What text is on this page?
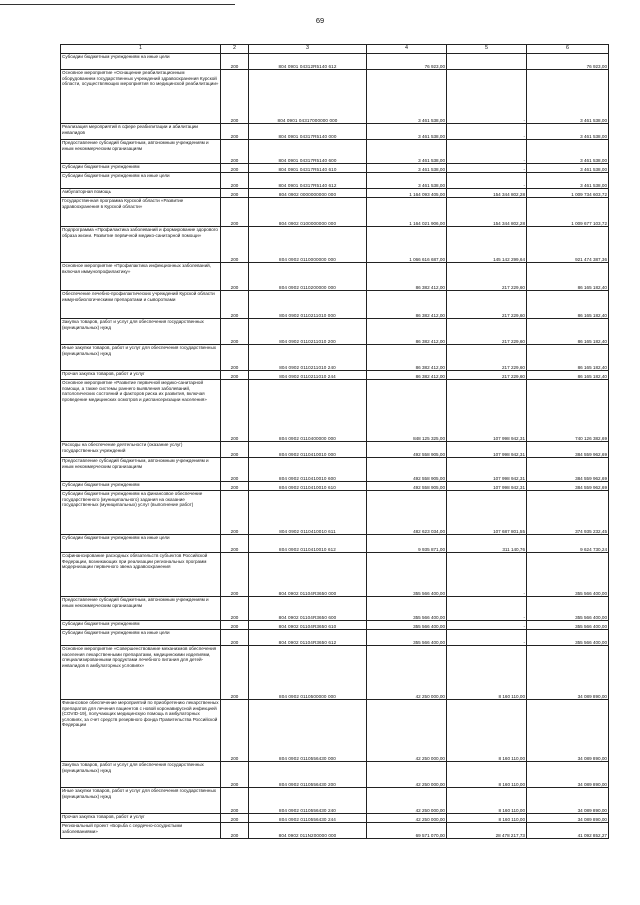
69
1	2	3	4	5	6

Субсидии бюджетным учреждениям на иные цели	200	804 0901 04312R5140 612	76 923,00		76 923,00

Основное мероприятие «Оснащение реабилитационным оборудованием государственных учреждений здравоохранения Курской области, осуществляющих мероприятия по медицинской реабилитации»	200	804 0901 04317000000 000	3 461 538,00	-	3 461 538,00

Реализация мероприятий в сфере реабилитации и абилитации инвалидов	200	804 0901 04317R5140 000	3 461 538,00	-	3 461 538,00

Предоставление субсидий бюджетным, автономным учреждениям и иным некоммерческим организациям	200	804 0901 04317R5140 600	3 461 538,00	-	3 461 538,00

Субсидии бюджетным учреждениям	200	804 0901 04317R5140 610	3 461 538,00	-	3 461 538,00

Субсидии бюджетным учреждениям на иные цели	200	804 0901 04317R5140 612	3 461 538,00	-	3 461 538,00

Амбулаторная помощь	200	804 0902 0000000000 000	1 164 093 405,00	154 344 802,28	1 009 734 603,72

Государственная программа Курской области «Развитие здравоохранения в Курской области»	200	804 0902 0100000000 000	1 164 021 906,00	154 344 802,28	1 009 677 103,72

Подпрограмма «Профилактика заболеваний и формирование здорового образа жизни. Развитие первичной медико-санитарной помощи»	200	804 0902 0110000000 000	1 066 616 687,00	145 142 299,64	921 474 387,36

Основное мероприятие «Профилактика инфекционных заболеваний, включая иммунопрофилактику»	200	804 0902 0110200000 000	86 382 412,00	217 229,60	86 165 182,40

Обеспечение лечебно-профилактических учреждений Курской области иммунобиологическими препаратами и сыворотками	200	804 0902 0110211010 000	86 382 412,00	217 229,60	86 165 182,40

Закупка товаров, работ и услуг для обеспечения государственных (муниципальных) нужд	200	804 0902 0110211010 200	86 382 412,00	217 229,60	86 165 182,40

Иные закупки товаров, работ и услуг для обеспечения государственных (муниципальных) нужд	200	804 0902 0110211010 240	86 382 412,00	217 229,60	86 165 182,40

Прочая закупка товаров, работ и услуг	200	804 0902 0110211010 244	86 382 412,00	217 229,60	86 165 182,40

Основное мероприятие «Развитие первичной медико-санитарной помощи, а также системы раннего выявления заболеваний, патологических состояний и факторов риска их развития, включая проведение медицинских осмотров и диспансеризации населения»	200	804 0902 0110400000 000	848 125 325,00	107 998 942,31	740 126 382,69

Расходы на обеспечение деятельности (оказание услуг) государственных учреждений	200	804 0902 0110410010 000	492 558 905,00	107 998 942,31	384 559 962,69

Предоставление субсидий бюджетным, автономным учреждениям и иным некоммерческим организациям	200	804 0902 0110410010 600	492 558 905,00	107 998 942,31	384 559 962,69

Субсидии бюджетным учреждениям	200	804 0902 0110410010 610	492 558 905,00	107 998 942,31	384 559 962,69

Субсидии бюджетным учреждениям на финансовое обеспечение государственного (муниципального) задания на оказание государственных (муниципальных) услуг (выполнение работ)	200	804 0902 0110410010 611	482 623 034,00	107 687 801,55	374 935 232,45

Субсидии бюджетным учреждениям на иные цели	200	804 0902 0110410010 612	9 935 871,00	311 140,76	9 624 730,24

Софинансирование расходных обязательств субъектов Российской Федерации, возникающих при реализации региональных программ модернизации первичного звена здравоохранения	200	804 0902 01104R3650 000	355 566 400,00	-	355 566 400,00

Предоставление субсидий бюджетным, автономным учреждениям и иным некоммерческим организациям	200	804 0902 01104R3650 600	355 566 400,00	-	355 566 400,00

Субсидии бюджетным учреждениям	200	804 0902 01104R3650 610	355 566 400,00	-	355 566 400,00

Субсидии бюджетным учреждениям на иные цели	200	804 0902 01104R3650 612	355 566 400,00	-	355 566 400,00

Основное мероприятие «Совершенствование механизмов обеспечения населения лекарственными препаратами, медицинскими изделиями, специализированными продуктами лечебного питания для детей-инвалидов в амбулаторных условиях»	200	804 0902 0110500000 000	42 250 000,00	8 160 110,00	34 089 890,00

Финансовое обеспечение мероприятий по приобретению лекарственных препаратов для лечения пациентов с новой коронавирусной инфекцией (COVID-19), получающих медицинскую помощь в амбулаторных условиях, за счет средств резервного фонда Правительства Российской Федерации	200	804 0902 0110556430 000	42 250 000,00	8 160 110,00	34 089 890,00

Закупка товаров, работ и услуг для обеспечения государственных (муниципальных) нужд	200	804 0902 0110556430 200	42 250 000,00	8 160 110,00	34 089 890,00

Иные закупки товаров, работ и услуг для обеспечения государственных (муниципальных) нужд	200	804 0902 0110556430 240	42 250 000,00	8 160 110,00	34 089 890,00

Прочая закупка товаров, работ и услуг	200	804 0902 0110556430 244	42 250 000,00	8 160 110,00	34 089 890,00

Региональный проект «Борьба с сердечно-сосудистыми заболеваниями»	200	804 0902 011N200000 000	69 571 070,00	28 478 217,73	41 092 852,27
